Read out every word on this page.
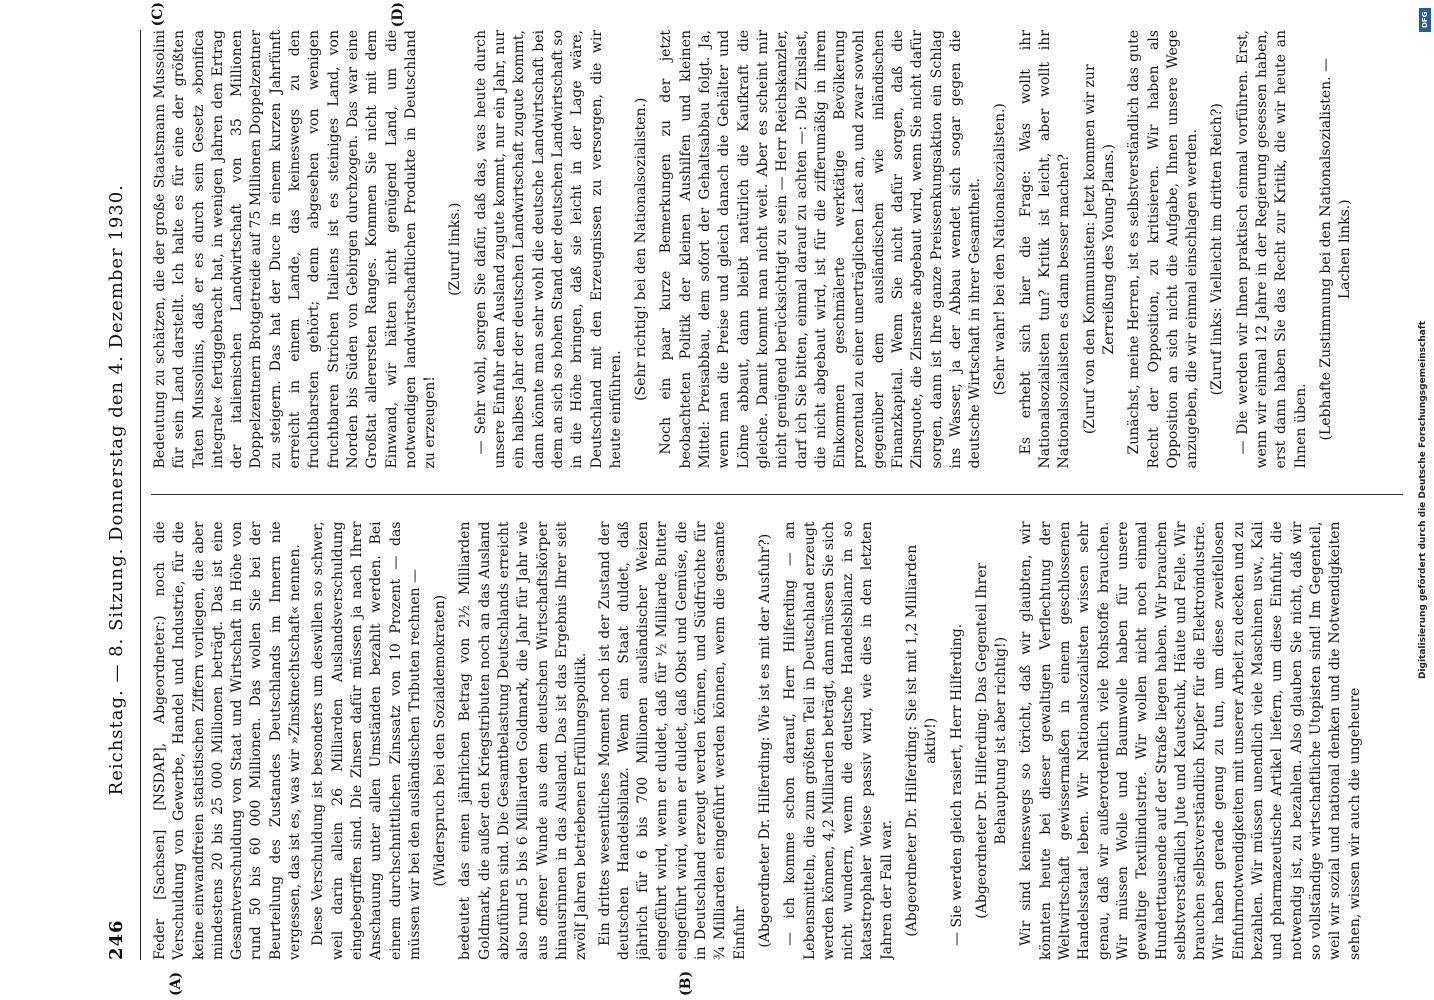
246
Reichstag. — 8. Sitzung. Donnerstag den 4. Dezember 1930. Feder [Sachsen] [NSDAP], Abgeordneter:) noch die Verschuldung von Gewerbe, Handel und Industrie, für die keine einwandfreien statistischen Ziffern vorliegen, die aber mindestens 20 bis 25 000 Millionen beträgt. Das ist eine Gesamtverschuldung von Staat und Wirtschaft in Höhe von rund 50 bis 60 000 Millionen. Das wollen Sie bei der Beurteilung des Zustandes Deutschlands im Innern nie vergessen, das ist es, was wir »Zinsknechtschaft« nennen. Diese Verschuldung ist besonders um deswillen so schwer, weil darin allein 26 Milliarden Auslandsverschuldung eingebegriffen sind. Die Zinsen dafür müssen ja nach Ihrer Anschauung unter allen Umständen bezahlt werden. Bei einem durchschnittlichen Zinssatz von 10 Prozent — das müssen wir bei den ausländischen Tributen rechnen — (Widerspruch bei den Sozialdemokraten) bedeutet das einen jährlichen Betrag von 2½ Milliarden Goldmark, die außer den Kriegstributen noch an das Ausland abzuführen sind. Die Gesamtbelastung Deutschlands erreicht also rund 5 bis 6 Milliarden Goldmark, die Jahr für Jahr wie aus offener Wunde aus dem deutschen Wirtschaftskörper hinausrinnen in das Ausland. Das ist das Ergebnis Ihrer seit zwölf Jahren betriebenen Erfüllungspolitik. Ein drittes wesentliches Moment noch ist der Zustand der deutschen Handelsbilanz. Wenn ein Staat duldet, daß jährlich für 6 bis 700 Millionen ausländischer Weizen eingeführt wird, wenn er duldet, daß für ½ Milliarde Butter eingeführt wird, wenn er duldet, daß Obst und Gemüse, die in Deutschland erzeugt werden können, und Südfrüchte für ¾ Milliarden eingeführt werden können, wenn die gesamte Einfuhr (Abgeordneter Dr. Hilferding: Wie ist es mit der Ausfuhr?) — ich komme schon darauf, Herr Hilferding — an Lebensmitteln, die zum größten Teil in Deutschland erzeugt werden können, 4,2 Milliarden beträgt, dann müssen Sie sich nicht wundern, wenn die deutsche Handelsbilanz in so katastrophaler Weise passiv wird, wie dies in den letzten Jahren der Fall war. (Abgeordneter Dr. Hilferding: Sie ist mit 1,2 Milliarden aktiv!) — Sie werden gleich rasiert, Herr Hilferding. (Abgeordneter Dr. Hilferding: Das Gegenteil Ihrer Behauptung ist aber richtig!) Wir sind keineswegs so töricht, daß wir glaubten, wir könnten heute bei dieser gewaltigen Verflechtung der Weltwirtschaft gewissermaßen in einem geschlossenen Handelsstaat leben. Wir Nationalsozialisten wissen sehr genau, daß wir außerordentlich viele Rohstoffe brauchen. Wir müssen Wolle und Baumwolle haben für unsere gewaltige Textilindustrie. Wir wollen nicht noch einmal Hunderttausende auf der Straße liegen haben. Wir brauchen selbstverständlich Jute und Kautschuk, Häute und Felle. Wir brauchen selbstverständlich Kupfer für die Elektroindustrie. Wir haben gerade genug zu tun, um diese zweifellosen Einfuhrnotwendigkeiten mit unserer Arbeit zu decken und zu bezahlen. Wir müssen unendlich viele Maschinen usw., Kali und pharmazeutische Artikel liefern, um diese Einfuhr, die notwendig ist, zu bezahlen. Also glauben Sie nicht, daß wir so vollständige wirtschaftliche Utopisten sind! Im Gegenteil, weil wir sozial und national denken und die Notwendigkeiten sehen, wissen wir auch die ungeheure

Bedeutung zu schätzen, die der große Staatsmann Mussolini für sein Land darstellt. Ich halte es für eine der größten Taten Mussolinis, daß er es durch sein Gesetz »bonifica integrale« fertiggebracht hat, in wenigen Jahren den Ertrag der italienischen Landwirtschaft von 35 Millionen Doppelzentnern Brotgetreide auf 75 Millionen Doppelzentner zu steigern. Das hat der Duce in einem kurzen Jahrfünft erreicht in einem Lande, das keineswegs zu den fruchtbarsten gehört; denn abgesehen von wenigen fruchtbaren Strichen Italiens ist es steiniges Land, von Norden bis Süden von Gebirgen durchzogen. Das war eine Großtat allerersten Ranges. Kommen Sie nicht mit dem Einwand, wir hätten nicht genügend Land, um die notwendigen landwirtschaftlichen Produkte in Deutschland zu erzeugen!

(Zuruf links.) — Sehr wohl, sorgen Sie dafür, daß das, was heute durch unsere Einfuhr dem Ausland zugute kommt, nur ein Jahr, nur ein halbes Jahr der deutschen Landwirtschaft zugute kommt, dann könnte man sehr wohl die deutsche Landwirtschaft bei dem an sich so hohen Stand der deutschen Landwirtschaft so in die Höhe bringen, daß sie leicht in der Lage wäre, Deutschland mit den Erzeugnissen zu versorgen, die wir heute einführen.

(Sehr richtig! bei den Nationalsozialisten.) Noch ein paar kurze Bemerkungen zu der jetzt beobachteten Politik der kleinen Aushilfen und kleinen Mittel: Preisabbau, dem sofort der Gehaltsabbau folgt. Ja, wenn man die Preise und gleich danach die Gehälter und Löhne abbaut, dann bleibt natürlich die Kaufkraft die gleiche. Damit kommt man nicht weit. Aber es scheint mir nicht genügend berücksichtigt zu sein — Herr Reichskanzler, darf ich Sie bitten, einmal darauf zu achten —: Die Zinslast, die nicht abgebaut wird, ist für die zifferumäßig in ihrem Einkommen geschmälerte werktätige Bevölkerung prozentual zu einer unerträglichen Last an, und zwar sowohl gegenüber dem ausländischen wie inländischen Finanzkapital. Wenn Sie nicht dafür sorgen, daß die Zinsquote, die Zinsrate abgebaut wird, wenn Sie nicht dafür sorgen, dann ist Ihre ganze Preissenkungsaktion ein Schlag ins Wasser, ja der Abbau wendet sich sogar gegen die deutsche Wirtschaft in ihrer Gesamtheit. (Sehr wahr! bei den Nationalsozialisten.) Es erhebt sich hier die Frage: Was wollt ihr Nationalsozialisten tun? Kritik ist leicht, aber wollt ihr Nationalsozialisten es dann besser machen? (Zuruf von den Kommunisten: Jetzt kommen wir zur Zerreißung des Young-Plans.) Zunächst, meine Herren, ist es selbstverständlich das gute Recht der Opposition, zu kritisieren. Wir haben als Opposition an sich nicht die Aufgabe, Ihnen unsere Wege anzugeben, die wir einmal einschlagen werden. (Zuruf links: Vielleicht im dritten Reich?) — Die werden wir Ihnen praktisch einmal vorführen. Erst, wenn wir einmal 12 Jahre in der Regierung gesessen haben, erst dann haben Sie das Recht zur Kritik, die wir heute an Ihnen üben. (Lebhafte Zustimmung bei den Nationalsozialisten. — Lachen links.)

(A)	(B)
(C)	(D)
Digitalisierung gefördert durch die Deutsche Forschungsgemeinschaft
DFG
